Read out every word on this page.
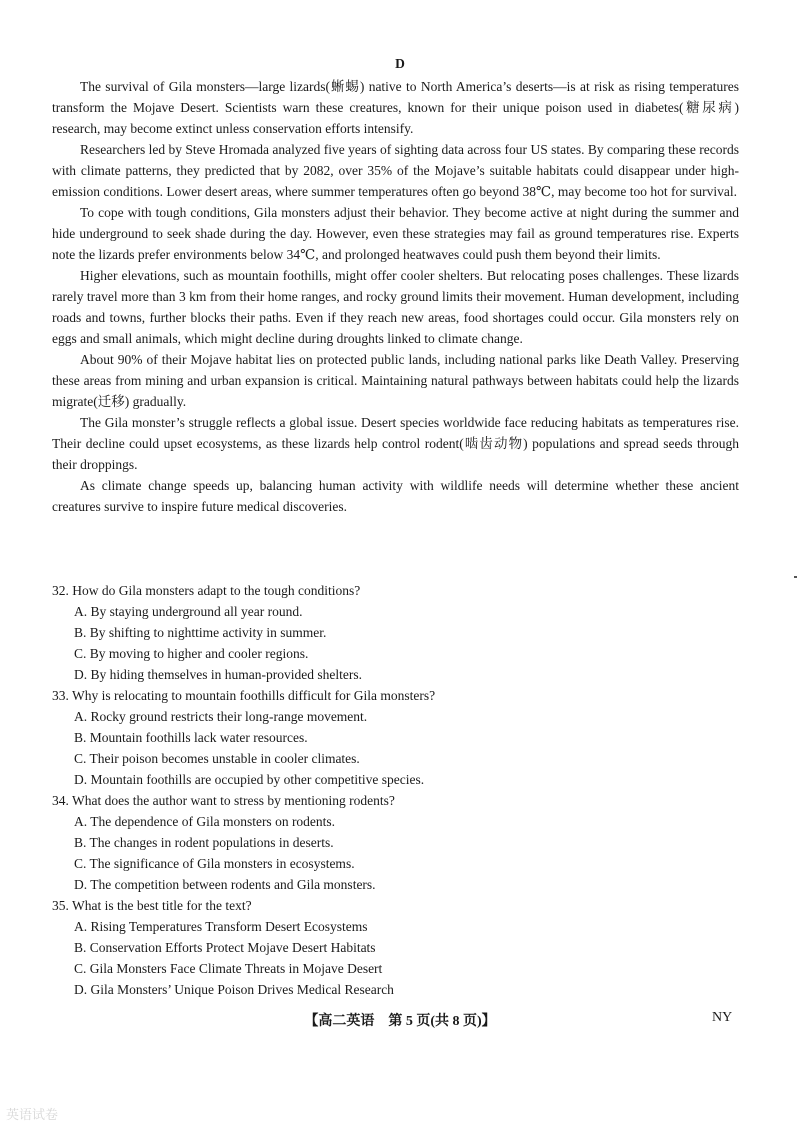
D

The survival of Gila monsters—large lizards(蜥蜴) native to North America’s deserts—is at risk as rising temperatures transform the Mojave Desert. Scientists warn these creatures, known for their unique poison used in diabetes(糖尿病) research, may become extinct unless conservation efforts intensify.

Researchers led by Steve Hromada analyzed five years of sighting data across four US states. By comparing these records with climate patterns, they predicted that by 2082, over 35% of the Mojave’s suitable habitats could disappear under high-emission conditions. Lower desert areas, where summer temperatures often go beyond 38℃, may become too hot for survival.

To cope with tough conditions, Gila monsters adjust their behavior. They become active at night during the summer and hide underground to seek shade during the day. However, even these strategies may fail as ground temperatures rise. Experts note the lizards prefer environments below 34℃, and prolonged heatwaves could push them beyond their limits.

Higher elevations, such as mountain foothills, might offer cooler shelters. But relocating poses challenges. These lizards rarely travel more than 3 km from their home ranges, and rocky ground limits their movement. Human development, including roads and towns, further blocks their paths. Even if they reach new areas, food shortages could occur. Gila monsters rely on eggs and small animals, which might decline during droughts linked to climate change.

About 90% of their Mojave habitat lies on protected public lands, including national parks like Death Valley. Preserving these areas from mining and urban expansion is critical. Maintaining natural pathways between habitats could help the lizards migrate(迁移) gradually.

The Gila monster’s struggle reflects a global issue. Desert species worldwide face reducing habitats as temperatures rise. Their decline could upset ecosystems, as these lizards help control rodent(啮齿动物) populations and spread seeds through their droppings.

As climate change speeds up, balancing human activity with wildlife needs will determine whether these ancient creatures survive to inspire future medical discoveries.

32. How do Gila monsters adapt to the tough conditions?

A. By staying underground all year round.

B. By shifting to nighttime activity in summer.

C. By moving to higher and cooler regions.

D. By hiding themselves in human-provided shelters.

33. Why is relocating to mountain foothills difficult for Gila monsters?

A. Rocky ground restricts their long-range movement.

B. Mountain foothills lack water resources.

C. Their poison becomes unstable in cooler climates.

D. Mountain foothills are occupied by other competitive species.

34. What does the author want to stress by mentioning rodents?

A. The dependence of Gila monsters on rodents.

B. The changes in rodent populations in deserts.

C. The significance of Gila monsters in ecosystems.

D. The competition between rodents and Gila monsters.

35. What is the best title for the text?

A. Rising Temperatures Transform Desert Ecosystems

B. Conservation Efforts Protect Mojave Desert Habitats

C. Gila Monsters Face Climate Threats in Mojave Desert

D. Gila Monsters’ Unique Poison Drives Medical Research

【高二英语　第 5 页(共 8 页)】	NY
英语试卷
